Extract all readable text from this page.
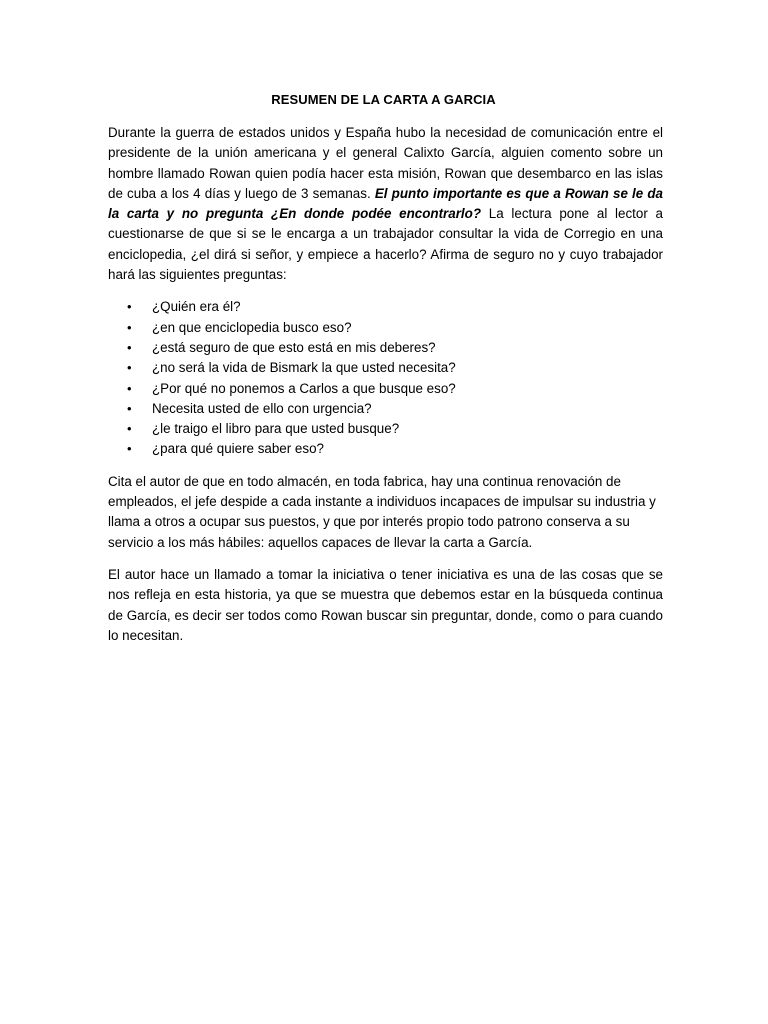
RESUMEN DE LA CARTA A GARCIA

Durante la guerra de estados unidos y España hubo la necesidad de comunicación entre el presidente de la unión americana y el general Calixto García, alguien comento sobre un hombre llamado Rowan quien podía hacer esta misión, Rowan que desembarco en las islas de cuba a los 4 días y luego de 3 semanas. El punto importante es que a Rowan se le da la carta y no pregunta ¿En donde podée encontrarlo? La lectura pone al lector a cuestionarse de que si se le encarga a un trabajador consultar la vida de Corregio en una enciclopedia, ¿el dirá si señor, y empiece a hacerlo? Afirma de seguro no y cuyo trabajador hará las siguientes preguntas:

• ¿Quién era él?
• ¿en que enciclopedia busco eso?
• ¿está seguro de que esto está en mis deberes?
• ¿no será la vida de Bismark la que usted necesita?
• ¿Por qué no ponemos a Carlos a que busque eso?
• Necesita usted de ello con urgencia?
• ¿le traigo el libro para que usted busque?
• ¿para qué quiere saber eso?

Cita el autor de que en todo almacén, en toda fabrica, hay una continua renovación de empleados, el jefe despide a cada instante a individuos incapaces de impulsar su industria y llama a otros a ocupar sus puestos, y que por interés propio todo patrono conserva a su servicio a los más hábiles: aquellos capaces de llevar la carta a García.

El autor hace un llamado a tomar la iniciativa o tener iniciativa es una de las cosas que se nos refleja en esta historia, ya que se muestra que debemos estar en la búsqueda continua de García, es decir ser todos como Rowan buscar sin preguntar, donde, como o para cuando lo necesitan.
